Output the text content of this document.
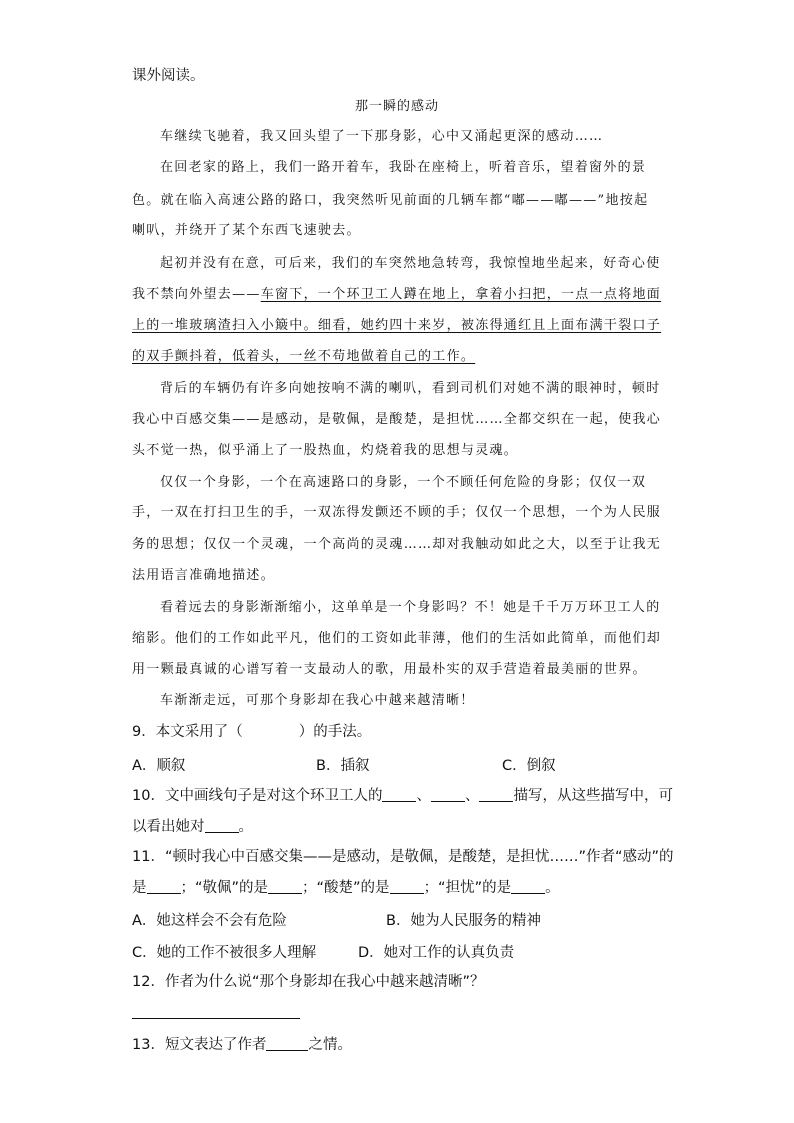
课外阅读。
那一瞬的感动
车继续飞驰着，我又回头望了一下那身影，心中又涌起更深的感动……
在回老家的路上，我们一路开着车，我卧在座椅上，听着音乐，望着窗外的景
色。就在临入高速公路的路口，我突然听见前面的几辆车都“嘟——嘟——”地按起
喇叭，并绕开了某个东西飞速驶去。
起初并没有在意，可后来，我们的车突然地急转弯，我惊惶地坐起来，好奇心使
我不禁向外望去——车窗下，一个环卫工人蹲在地上，拿着小扫把，一点一点将地面
上的一堆玻璃渣扫入小簸中。细看，她约四十来岁，被冻得通红且上面布满干裂口子
的双手颤抖着，低着头，一丝不苟地做着自己的工作。
背后的车辆仍有许多向她按响不满的喇叭，看到司机们对她不满的眼神时，顿时
我心中百感交集——是感动，是敬佩，是酸楚，是担忧……全都交织在一起，使我心
头不觉一热，似乎涌上了一股热血，灼烧着我的思想与灵魂。
仅仅一个身影，一个在高速路口的身影，一个不顾任何危险的身影；仅仅一双
手，一双在打扫卫生的手，一双冻得发颤还不顾的手；仅仅一个思想，一个为人民服
务的思想；仅仅一个灵魂，一个高尚的灵魂……却对我触动如此之大，以至于让我无
法用语言准确地描述。
看着远去的身影渐渐缩小，这单单是一个身影吗？不！她是千千万万环卫工人的
缩影。他们的工作如此平凡，他们的工资如此菲薄，他们的生活如此简单，而他们却
用一颗最真诚的心谱写着一支最动人的歌，用最朴实的双手营造着最美丽的世界。
车渐渐走远，可那个身影却在我心中越来越清晰！
9．本文采用了（	）的手法。
A．顺叙	B．插叙	C．倒叙
10．文中画线句子是对这个环卫工人的 、 、 描写，从这些描写中，可
以看出她对 。
11．“顿时我心中百感交集——是感动，是敬佩，是酸楚，是担忧……”作者“感动”的
是 ；“敬佩”的是 ；“酸楚”的是 ；“担忧”的是 。
A．她这样会不会有危险	B．她为人民服务的精神
C．她的工作不被很多人理解	D．她对工作的认真负责
12．作者为什么说“那个身影却在我心中越来越清晰”？
13．短文表达了作者	之情。
